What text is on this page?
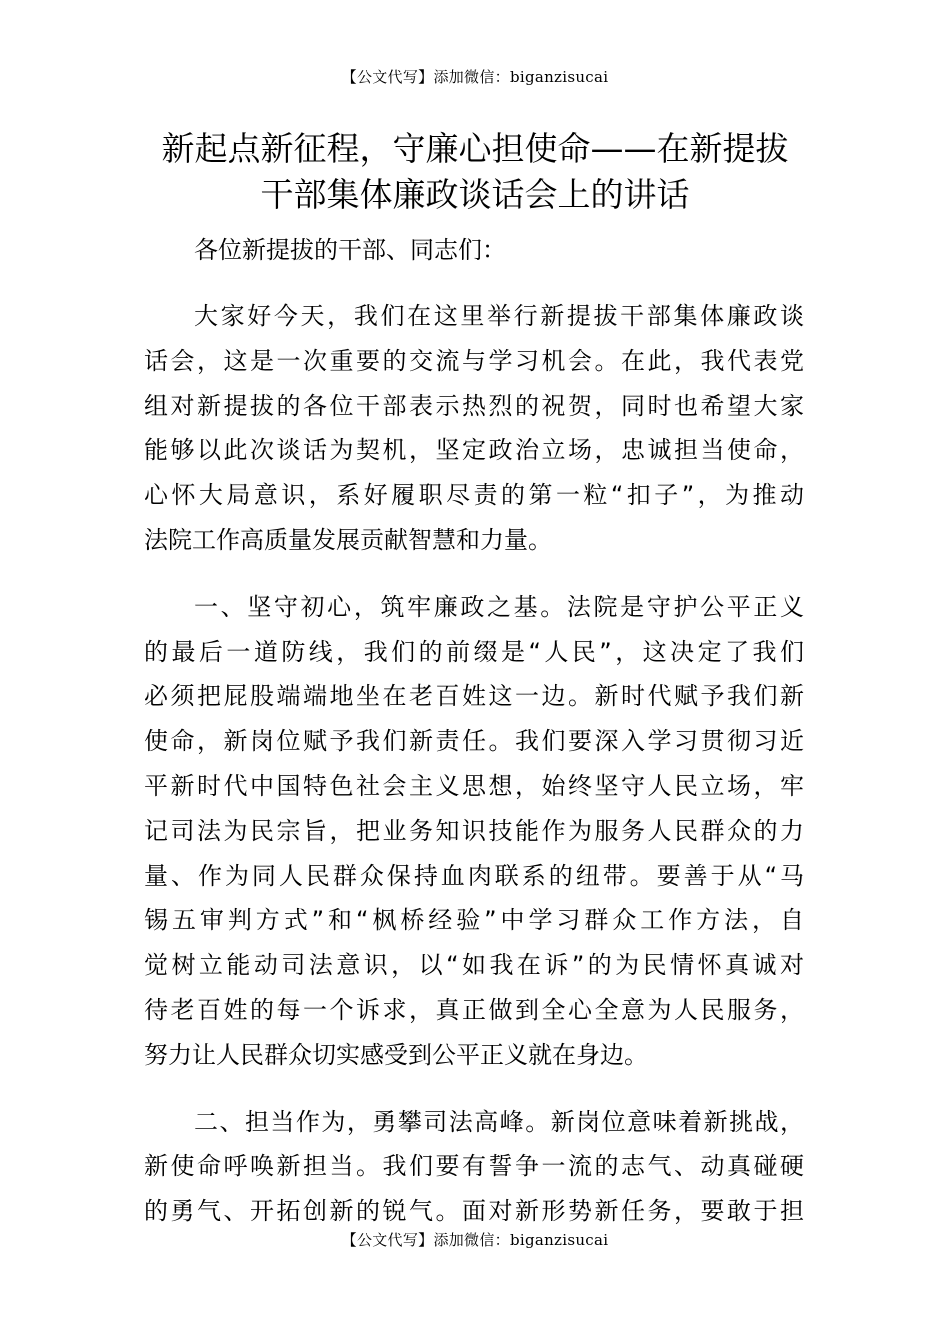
【公文代写】添加微信：biganzisucai
新起点新征程，守廉心担使命——在新提拔
干部集体廉政谈话会上的讲话

各位新提拔的干部、同志们：

大家好今天，我们在这里举行新提拔干部集体廉政谈
话会，这是一次重要的交流与学习机会。在此，我代表党
组对新提拔的各位干部表示热烈的祝贺，同时也希望大家
能够以此次谈话为契机，坚定政治立场，忠诚担当使命，
心怀大局意识，系好履职尽责的第一粒“扣子”，为推动
法院工作高质量发展贡献智慧和力量。

一、坚守初心，筑牢廉政之基。法院是守护公平正义
的最后一道防线，我们的前缀是“人民”，这决定了我们
必须把屁股端端地坐在老百姓这一边。新时代赋予我们新
使命，新岗位赋予我们新责任。我们要深入学习贯彻习近
平新时代中国特色社会主义思想，始终坚守人民立场，牢
记司法为民宗旨，把业务知识技能作为服务人民群众的力
量、作为同人民群众保持血肉联系的纽带。要善于从“马
锡五审判方式”和“枫桥经验”中学习群众工作方法，自
觉树立能动司法意识，以“如我在诉”的为民情怀真诚对
待老百姓的每一个诉求，真正做到全心全意为人民服务，
努力让人民群众切实感受到公平正义就在身边。

二、担当作为，勇攀司法高峰。新岗位意味着新挑战，
新使命呼唤新担当。我们要有誓争一流的志气、动真碰硬
的勇气、开拓创新的锐气。面对新形势新任务，要敢于担

【公文代写】添加微信：biganzisucai
